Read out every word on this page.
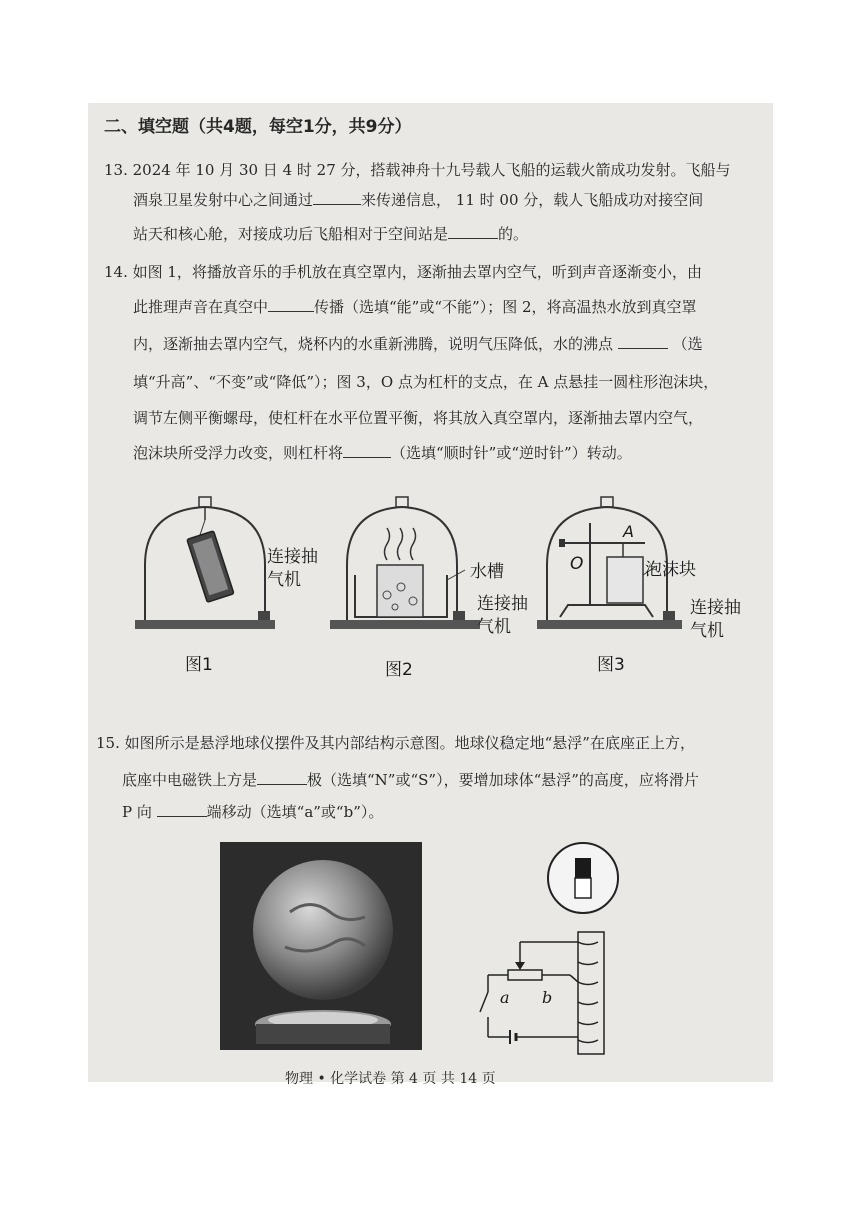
二、填空题（共4题，每空1分，共9分）
13. 2024 年 10 月 30 日 4 时 27 分，搭载神舟十九号载人飞船的运载火箭成功发射。飞船与
酒泉卫星发射中心之间通过	来传递信息， 11 时 00 分，载人飞船成功对接空间
站天和核心舱，对接成功后飞船相对于空间站是	的。
14. 如图 1，将播放音乐的手机放在真空罩内，逐渐抽去罩内空气，听到声音逐渐变小，由
此推理声音在真空中	传播（选填“能”或“不能”）；图 2，将高温热水放到真空罩
内，逐渐抽去罩内空气，烧杯内的水重新沸腾，说明气压降低，水的沸点	（选
填“升高”、“不变”或“降低”）；图 3，O 点为杠杆的支点，在 A 点悬挂一圆柱形泡沫块，
调节左侧平衡螺母，使杠杆在水平位置平衡，将其放入真空罩内，逐渐抽去罩内空气，
泡沫块所受浮力改变，则杠杆将	（选填“顺时针”或“逆时针”）转动。
连接抽
气机
图1
水槽
连接抽
气机
图2
O
A
泡沫块
连接抽
气机
图3
15. 如图所示是悬浮地球仪摆件及其内部结构示意图。地球仪稳定地“悬浮”在底座正上方，
底座中电磁铁上方是	极（选填“N”或“S”），要增加球体“悬浮”的高度，应将滑片
P 向	端移动（选填“a”或“b”）。
a b
物理 • 化学试卷 第 4 页 共 14 页
